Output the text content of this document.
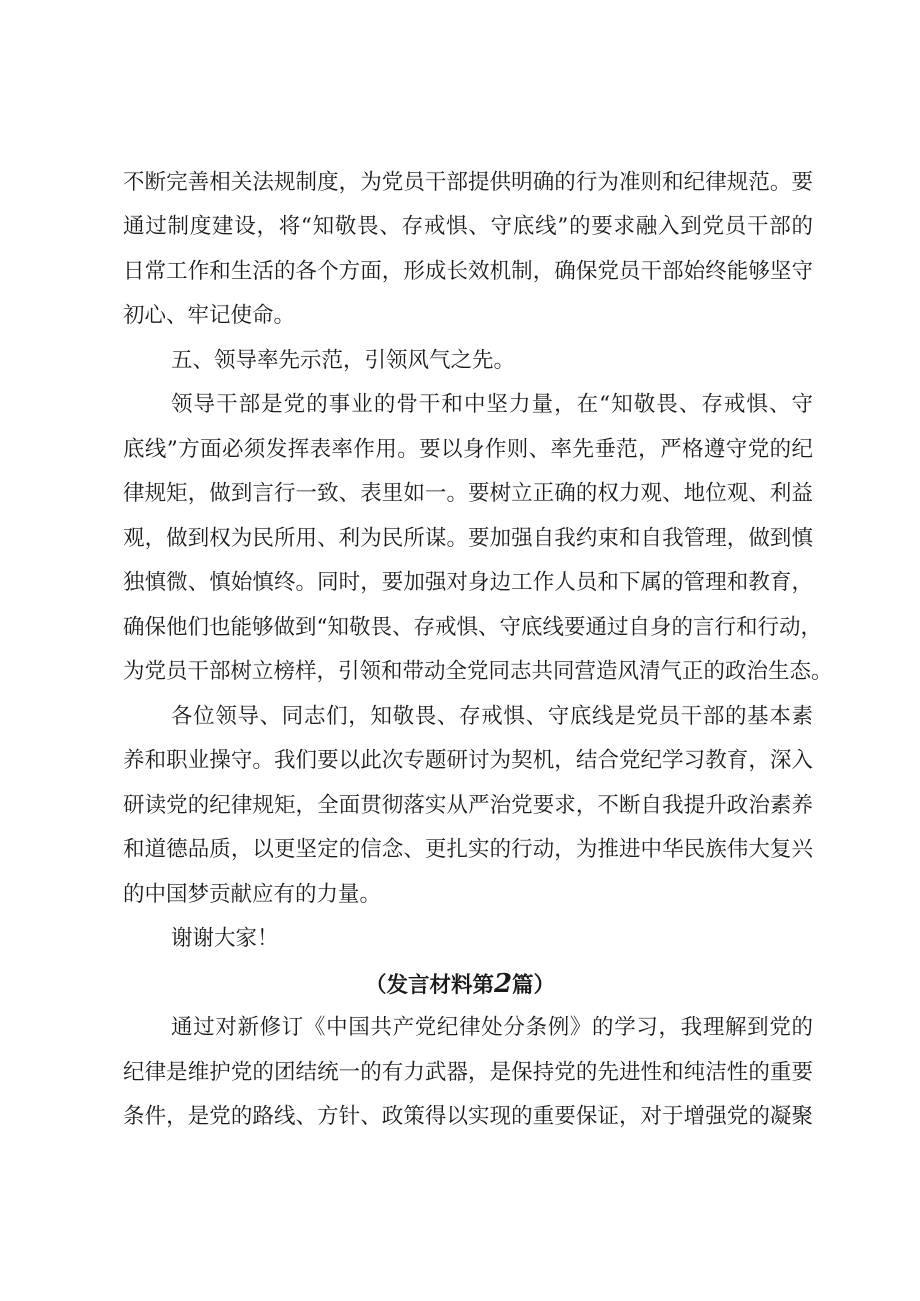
不断完善相关法规制度，为党员干部提供明确的行为准则和纪律规范。要
通过制度建设，将“知敬畏、存戒惧、守底线”的要求融入到党员干部的
日常工作和生活的各个方面，形成长效机制，确保党员干部始终能够坚守
初心、牢记使命。
五、领导率先示范，引领风气之先。
领导干部是党的事业的骨干和中坚力量，在“知敬畏、存戒惧、守
底线”方面必须发挥表率作用。要以身作则、率先垂范，严格遵守党的纪
律规矩，做到言行一致、表里如一。要树立正确的权力观、地位观、利益
观，做到权为民所用、利为民所谋。要加强自我约束和自我管理，做到慎
独慎微、慎始慎终。同时，要加强对身边工作人员和下属的管理和教育，
确保他们也能够做到“知敬畏、存戒惧、守底线要通过自身的言行和行动，
为党员干部树立榜样，引领和带动全党同志共同营造风清气正的政治生态。
各位领导、同志们，知敬畏、存戒惧、守底线是党员干部的基本素
养和职业操守。我们要以此次专题研讨为契机，结合党纪学习教育，深入
研读党的纪律规矩，全面贯彻落实从严治党要求，不断自我提升政治素养
和道德品质，以更坚定的信念、更扎实的行动，为推进中华民族伟大复兴
的中国梦贡献应有的力量。
谢谢大家！
（发言材料第2篇）
通过对新修订《中国共产党纪律处分条例》的学习，我理解到党的
纪律是维护党的团结统一的有力武器，是保持党的先进性和纯洁性的重要
条件，是党的路线、方针、政策得以实现的重要保证，对于增强党的凝聚
